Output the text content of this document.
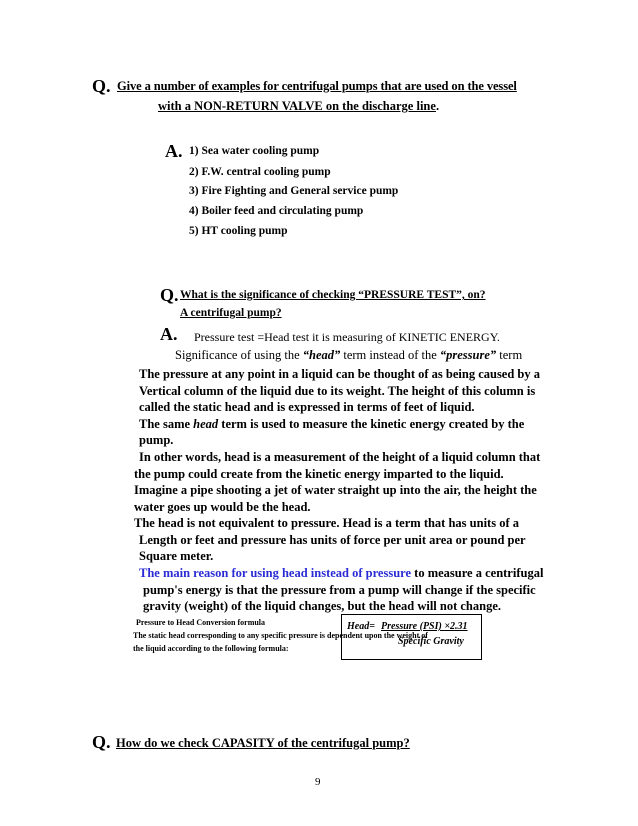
Q. Give a number of examples for centrifugal pumps that are used on the vessel
with a NON-RETURN VALVE on the discharge line.
A. 1) Sea water cooling pump
2) F.W. central cooling pump
3) Fire Fighting and General service pump
4) Boiler feed and circulating pump
5) HT cooling pump
Q. What is the significance of checking “PRESSURE TEST”, on?
A centrifugal pump?
A. Pressure test =Head test it is measuring of KINETIC ENERGY.
Significance of using the “head” term instead of the “pressure” term
The pressure at any point in a liquid can be thought of as being caused by a
Vertical column of the liquid due to its weight. The height of this column is
called the static head and is expressed in terms of feet of liquid.
The same head term is used to measure the kinetic energy created by the
pump.
In other words, head is a measurement of the height of a liquid column that
the pump could create from the kinetic energy imparted to the liquid.
Imagine a pipe shooting a jet of water straight up into the air, the height the
water goes up would be the head.
The head is not equivalent to pressure. Head is a term that has units of a
Length or feet and pressure has units of force per unit area or pound per
Square meter.
The main reason for using head instead of pressure to measure a centrifugal
pump's energy is that the pressure from a pump will change if the specific
gravity (weight) of the liquid changes, but the head will not change.
Pressure to Head Conversion formula
The static head corresponding to any specific pressure is dependent upon the weight of
the liquid according to the following formula:
Head= Pressure (PSI) ×2.31
Specific Gravity
Q. How do we check CAPASITY of the centrifugal pump?
9
